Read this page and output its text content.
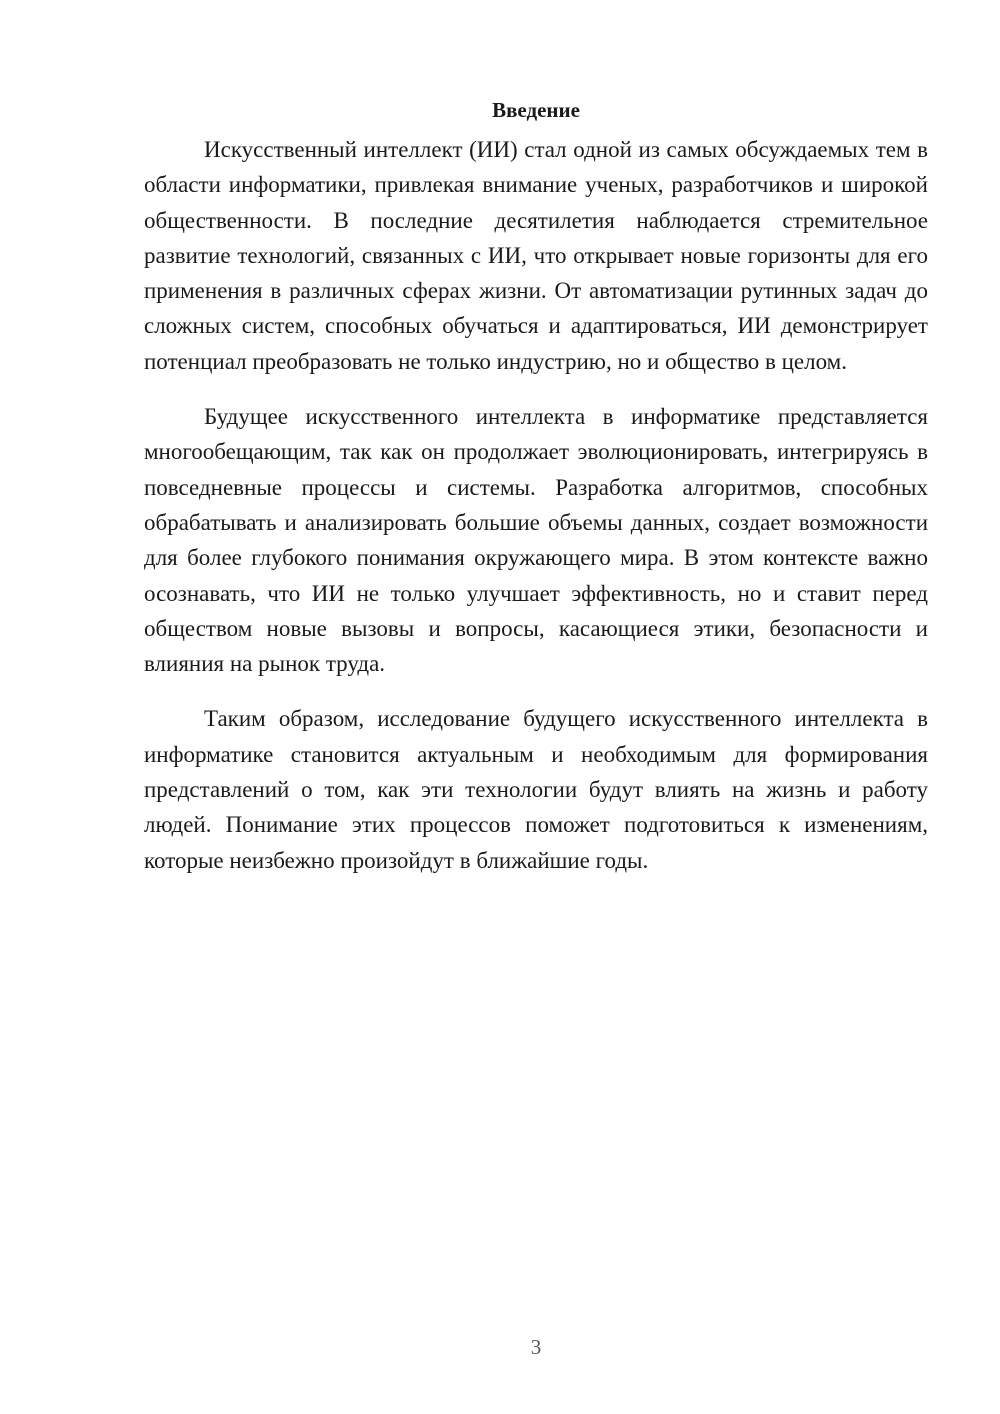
Введение

Искусственный интеллект (ИИ) стал одной из самых обсуждаемых тем в области информатики, привлекая внимание ученых, разработчиков и широкой общественности. В последние десятилетия наблюдается стремительное развитие технологий, связанных с ИИ, что открывает новые горизонты для его применения в различных сферах жизни. От автоматизации рутинных задач до сложных систем, способных обучаться и адаптироваться, ИИ демонстрирует потенциал преобразовать не только индустрию, но и общество в целом.

Будущее искусственного интеллекта в информатике представляется многообещающим, так как он продолжает эволюционировать, интегрируясь в повседневные процессы и системы. Разработка алгоритмов, способных обрабатывать и анализировать большие объемы данных, создает возможности для более глубокого понимания окружающего мира. В этом контексте важно осознавать, что ИИ не только улучшает эффективность, но и ставит перед обществом новые вызовы и вопросы, касающиеся этики, безопасности и влияния на рынок труда.

Таким образом, исследование будущего искусственного интеллекта в информатике становится актуальным и необходимым для формирования представлений о том, как эти технологии будут влиять на жизнь и работу людей. Понимание этих процессов поможет подготовиться к изменениям, которые неизбежно произойдут в ближайшие годы.

3
